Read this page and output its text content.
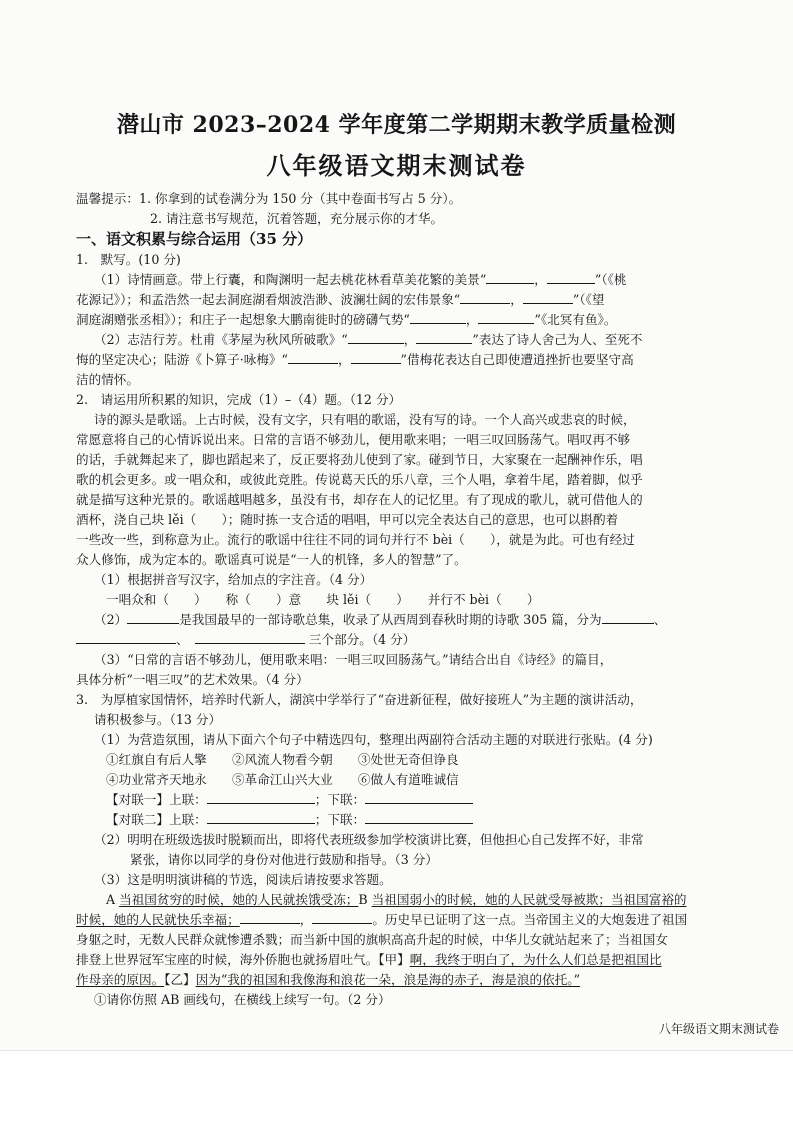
潜山市 2023–2024 学年度第二学期期末教学质量检测
八年级语文期末测试卷
温馨提示：1. 你拿到的试卷满分为 150 分（其中卷面书写占 5 分）。
2. 请注意书写规范，沉着答题，充分展示你的才华。
一、语文积累与综合运用（35 分）
1.　默写。(10 分)
（1）诗情画意。带上行囊，和陶渊明一起去桃花林看草美花繁的美景“	，	”（《桃
花源记》）；和孟浩然一起去洞庭湖看烟波浩渺、波澜壮阔的宏伟景象“	，	”（《望
洞庭湖赠张丞相》）；和庄子一起想象大鹏南徙时的磅礴气势“	，	”《北冥有鱼》。
（2）志洁行芳。杜甫《茅屋为秋风所破歌》“	，	”表达了诗人舍己为人、至死不
悔的坚定决心；陆游《卜算子·咏梅》“	，	”借梅花表达自己即使遭逍挫折也要坚守高
洁的情怀。
2.　请运用所积累的知识，完成（1）–（4）题。（12 分）
诗的源头是歌谣。上古时候，没有文字，只有唱的歌谣，没有写的诗。一个人高兴或悲哀的时候，
常愿意将自己的心情诉说出来。日常的言语不够劲儿，便用歌来唱；一唱三叹回肠荡气。唱叹再不够
的话，手就舞起来了，脚也蹈起来了，反正要将劲儿使到了家。碰到节日，大家聚在一起酬神作乐，唱
歌的机会更多。或一唱众和，或彼此竞胜。传说葛天氏的乐八章，三个人唱，拿着牛尾，踏着脚，似乎
就是描写这种光景的。歌谣越唱越多，虽没有书，却存在人的记忆里。有了现成的歌儿，就可借他人的
酒杯，浇自己块 lěi（　　）；随时拣一支合适的唱唱，甲可以完全表达自己的意思，也可以斟酌着
一些改一些，到称意为止。流行的歌谣中往往不同的词句并行不 bèi（　　），就是为此。可也有经过
众人修饰，成为定本的。歌谣真可说是“一人的机锋，多人的智慧”了。
（1）根据拼音写汉字，给加点的字注音。（4 分）
一唱众和（　　）　　称（　　）意　　块 lěi（　　）　　并行不 bèi（　　）
（2）	是我国最早的一部诗歌总集，收录了从西周到春秋时期的诗歌 305 篇，分为	、
、　	三个部分。（4 分）
（3）“日常的言语不够劲儿，便用歌来唱：一唱三叹回肠荡气。”请结合出自《诗经》的篇目，
具体分析“一唱三叹”的艺术效果。（4 分）
3.　为厚植家国情怀，培养时代新人，湖滨中学举行了“奋进新征程，做好接班人”为主题的演讲活动，
请积极参与。（13 分）
（1）为营造氛围，请从下面六个句子中精选四句，整理出两副符合活动主题的对联进行张贴。(4 分)
①红旗自有后人擎　　 ②风流人物看今朝　　 ③处世无奇但诤良
④功业常齐天地永　　 ⑤革命江山兴大业　　 ⑥做人有道唯诚信
【对联一】上联：	；下联：
【对联二】上联：	；下联：
（2）明明在班级选拔时脱颖而出，即将代表班级参加学校演讲比赛，但他担心自己发挥不好，非常
紧张，请你以同学的身份对他进行鼓励和指导。（3 分）
（3）这是明明演讲稿的节选，阅读后请按要求答题。
A 当祖国贫穷的时候，她的人民就挨饿受冻；B 当祖国弱小的时候，她的人民就受辱被欺；当祖国富裕的
时候，她的人民就快乐幸福；	，	。历史早已证明了这一点。当帝国主义的大炮轰进了祖国
身躯之时，无数人民群众就惨遭杀戮；而当新中国的旗帜高高升起的时候，中华儿女就站起来了；当祖国女
排登上世界冠军宝座的时候，海外侨胞也就扬眉吐气。【甲】啊，我终于明白了，为什么人们总是把祖国比
作母亲的原因。【乙】因为“我的祖国和我像海和浪花一朵，浪是海的赤子，海是浪的依托。”
①请你仿照 AB 画线句，在横线上续写一句。（2 分）
八年级语文期末测试卷
